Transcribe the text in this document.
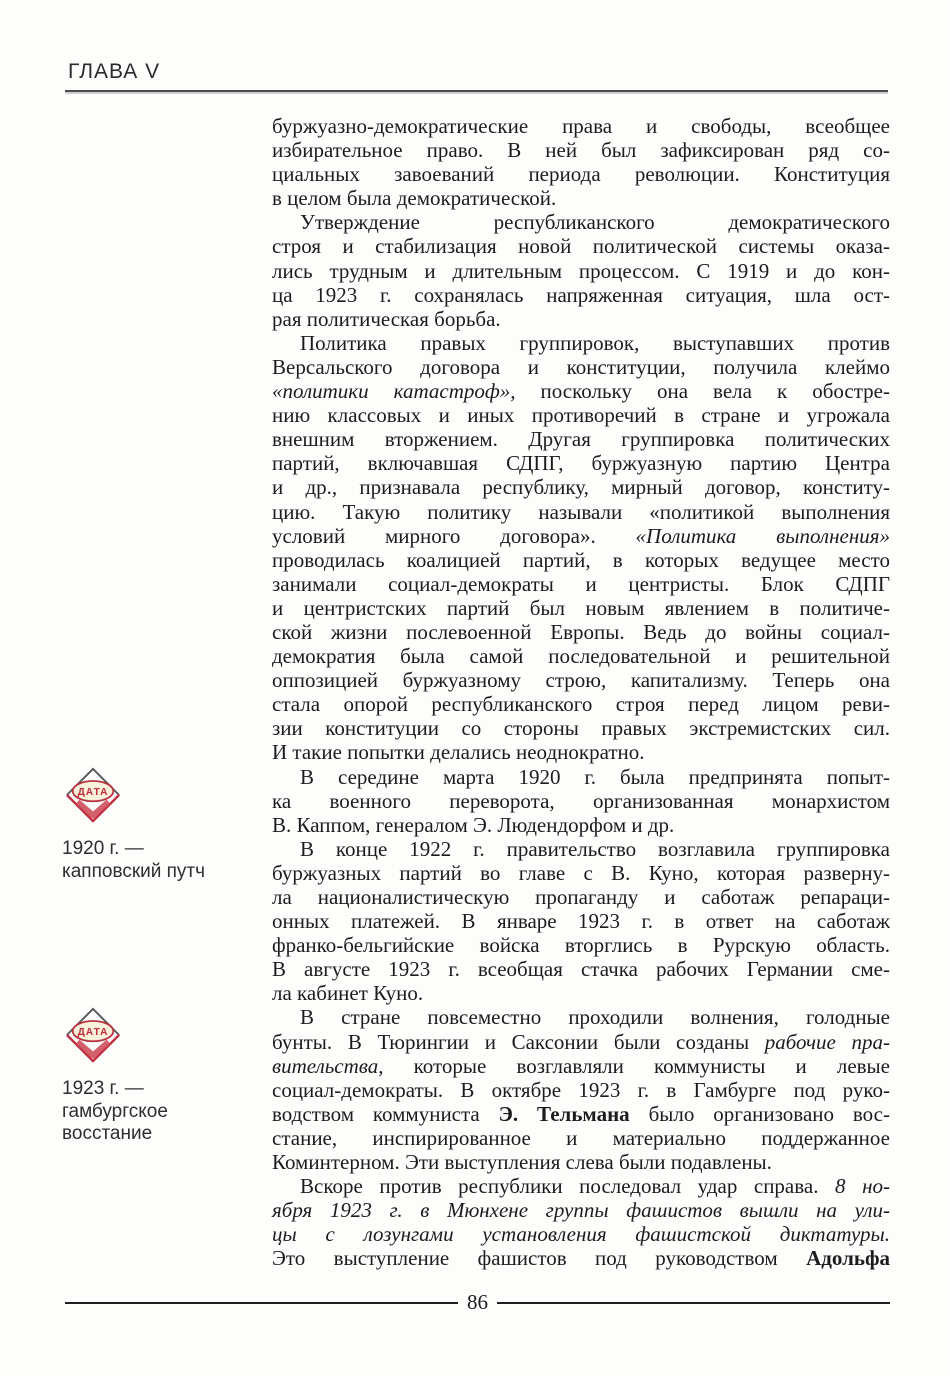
ГЛАВА V
буржуазно-демократические права и свободы, всеобщее
избирательное право. В ней был зафиксирован ряд со-
циальных завоеваний периода революции. Конституция
в целом была демократической.
Утверждение республиканского демократического
строя и стабилизация новой политической системы оказа-
лись трудным и длительным процессом. С 1919 и до кон-
ца 1923 г. сохранялась напряженная ситуация, шла ост-
рая политическая борьба.
Политика правых группировок, выступавших против
Версальского договора и конституции, получила клеймо
«политики катастроф», поскольку она вела к обостре-
нию классовых и иных противоречий в стране и угрожала
внешним вторжением. Другая группировка политических
партий, включавшая СДПГ, буржуазную партию Центра
и др., признавала республику, мирный договор, конститу-
цию. Такую политику называли «политикой выполнения
условий мирного договора». «Политика выполнения»
проводилась коалицией партий, в которых ведущее место
занимали социал-демократы и центристы. Блок СДПГ
и центристских партий был новым явлением в политиче-
ской жизни послевоенной Европы. Ведь до войны социал-
демократия была самой последовательной и решительной
оппозицией буржуазному строю, капитализму. Теперь она
стала опорой республиканского строя перед лицом реви-
зии конституции со стороны правых экстремистских сил.
И такие попытки делались неоднократно.
В середине марта 1920 г. была предпринята попыт-
ка военного переворота, организованная монархистом
В. Каппом, генералом Э. Людендорфом и др.
В конце 1922 г. правительство возглавила группировка
буржуазных партий во главе с В. Куно, которая разверну-
ла националистическую пропаганду и саботаж репараци-
онных платежей. В январе 1923 г. в ответ на саботаж
франко-бельгийские войска вторглись в Рурскую область.
В августе 1923 г. всеобщая стачка рабочих Германии сме-
ла кабинет Куно.
В стране повсеместно проходили волнения, голодные
бунты. В Тюрингии и Саксонии были созданы рабочие пра-
вительства, которые возглавляли коммунисты и левые
социал-демократы. В октябре 1923 г. в Гамбурге под руко-
водством коммуниста Э. Тельмана было организовано вос-
стание, инспирированное и материально поддержанное
Коминтерном. Эти выступления слева были подавлены.
Вскоре против республики последовал удар справа. 8 но-
ября 1923 г. в Мюнхене группы фашистов вышли на ули-
цы с лозунгами установления фашистской диктатуры.
Это выступление фашистов под руководством Адольфа
ДАТА
1920 г. —
капповский путч
ДАТА
1923 г. —
гамбургское
восстание
86
